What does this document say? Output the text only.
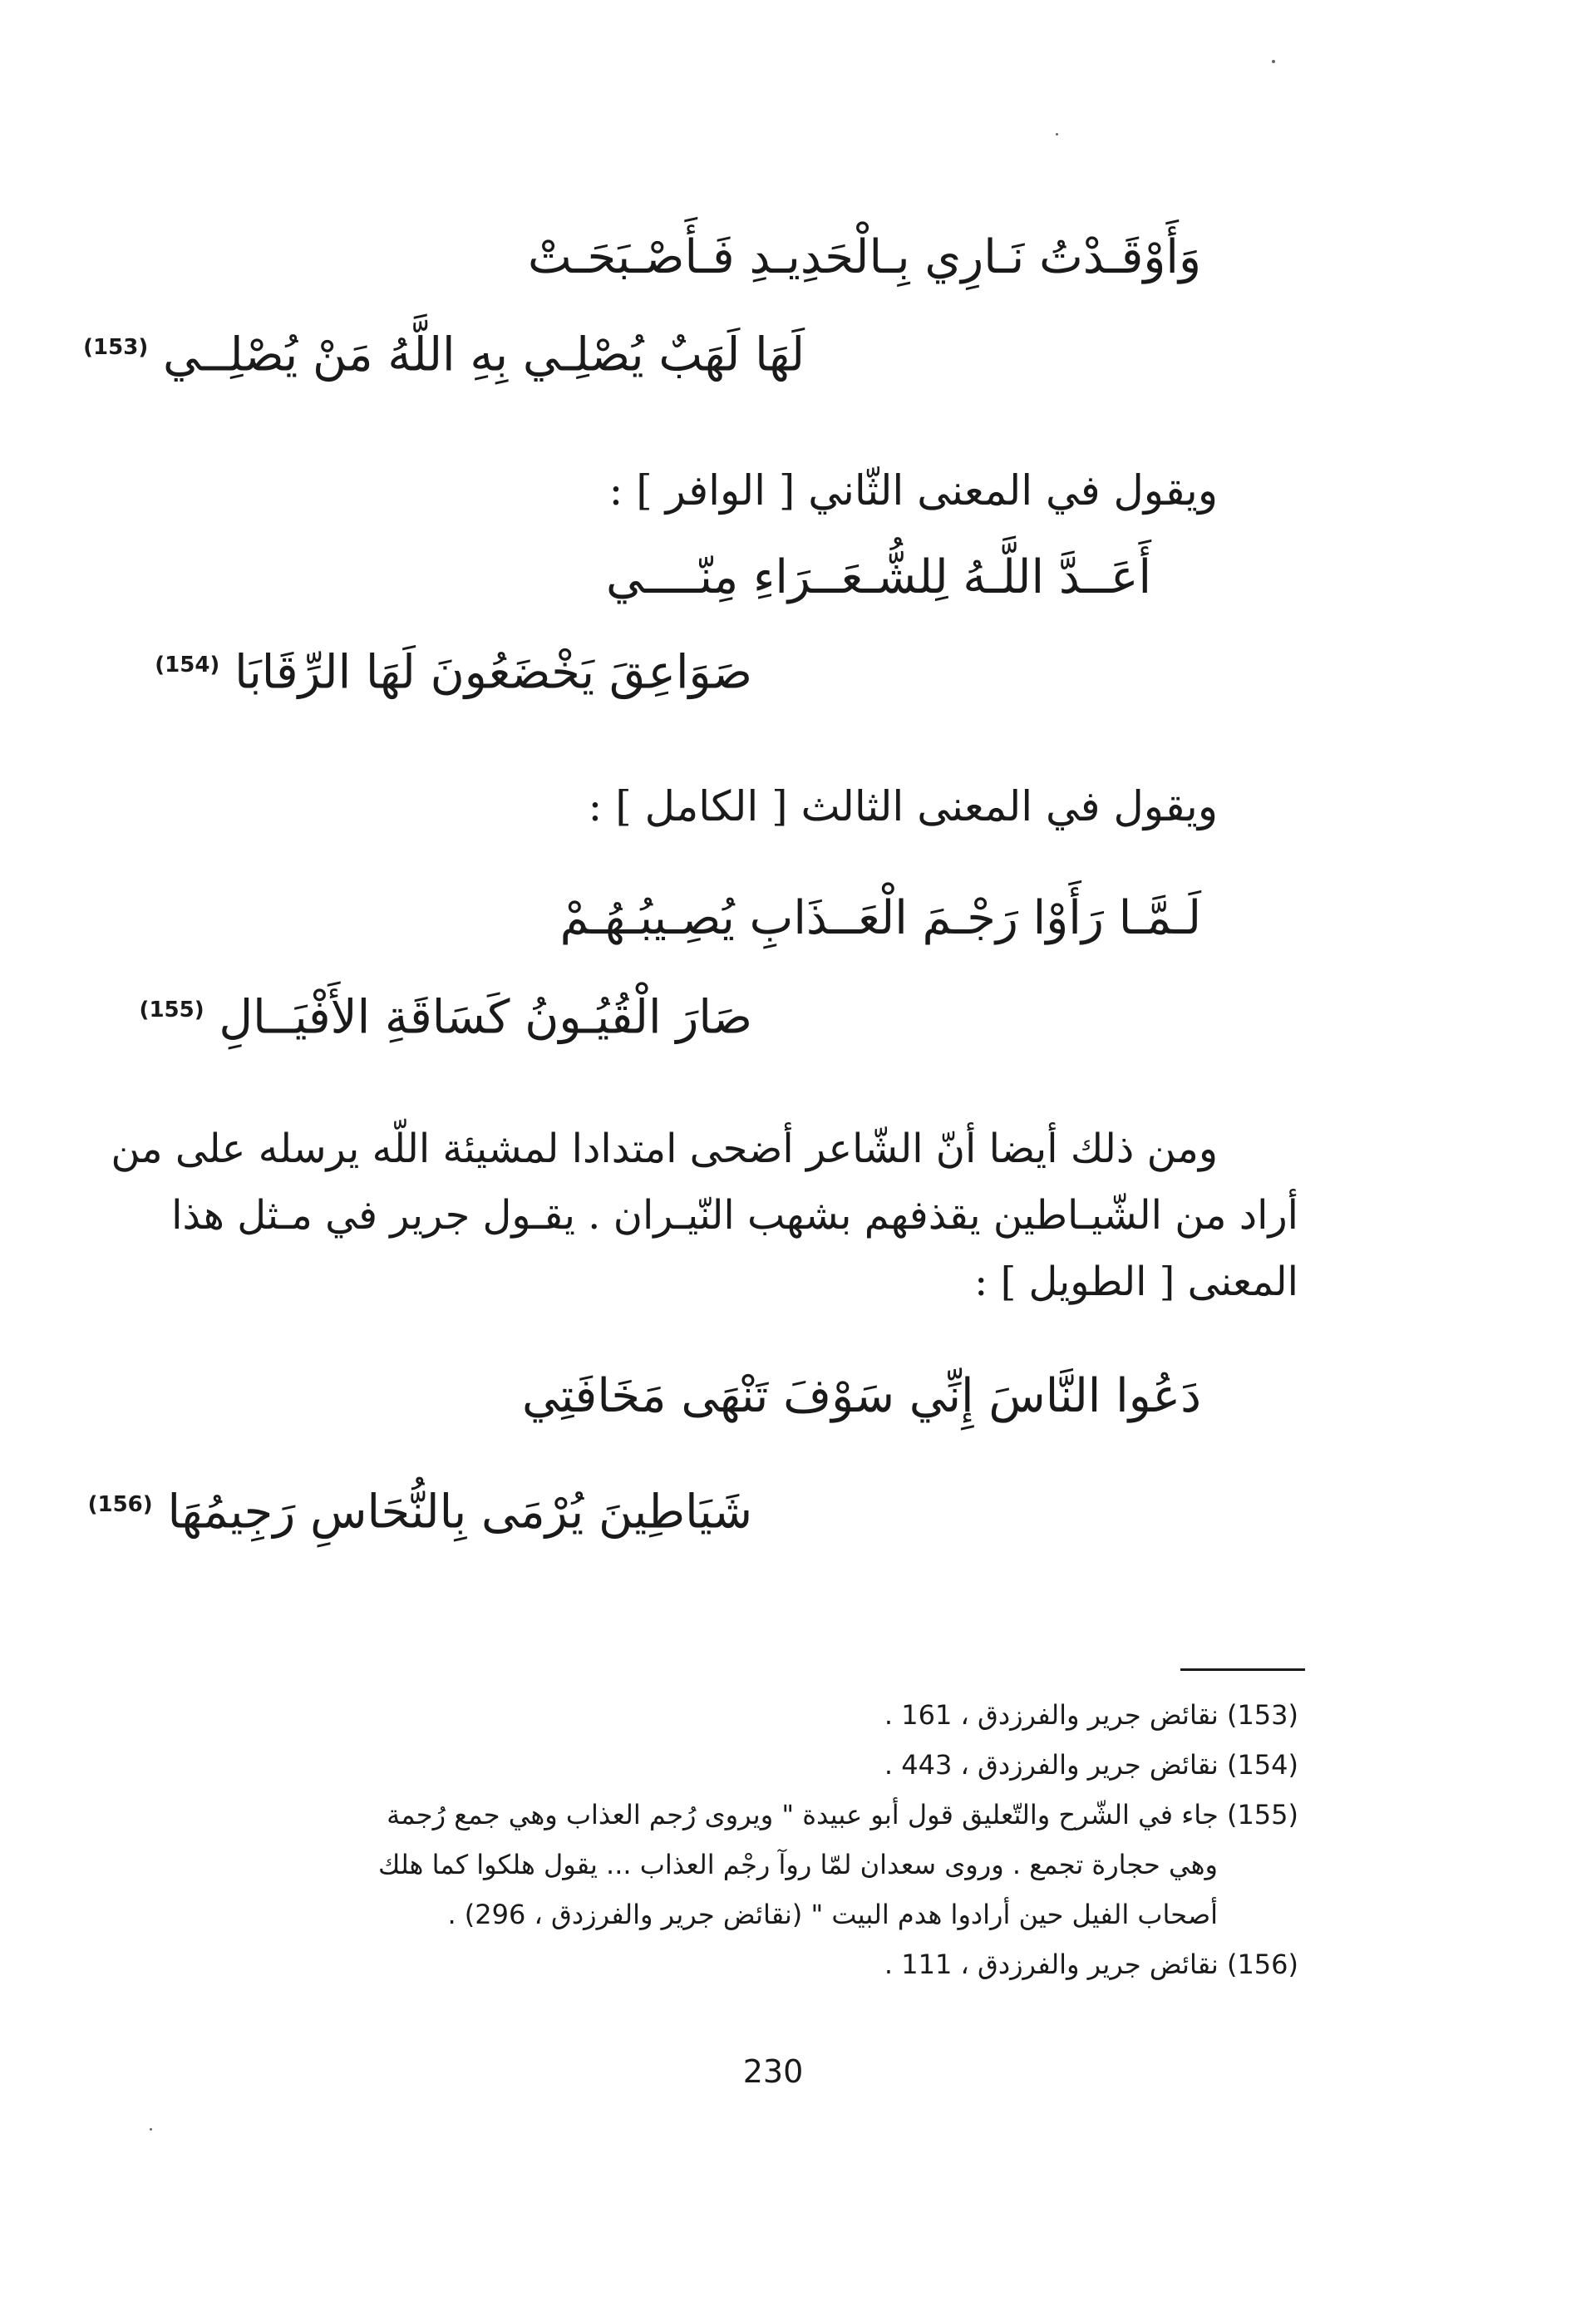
وَأَوْقَـدْتُ نَـارِي بِـالْحَدِيـدِ فَـأَصْـبَحَـتْ
لَهَا لَهَبٌ يُصْلِـي بِهِ اللَّهُ مَنْ يُصْلِــي $^{(153)}$
ويقول في المعنى الثّاني [ الوافر ] :
أَعَــدَّ اللَّـهُ لِلشُّـعَــرَاءِ مِنّــــي
صَوَاعِقَ يَخْضَعُونَ لَهَا الرِّقَابَا $^{(154)}$
ويقول في المعنى الثالث [ الكامل ] :
لَـمَّـا رَأَوْا رَجْـمَ الْعَــذَابِ يُصِـيبُـهُـمْ
صَارَ الْقُيُـونُ كَسَاقَةِ الأَفْيَــالِ $^{(155)}$
ومن ذلك أيضا أنّ الشّاعر أضحى امتدادا لمشيئة اللّه يرسله على من
أراد من الشّيـاطين يقذفهم بشهب النّيـران . يقـول جرير في مـثل هذا
المعنى [ الطويل ] :
دَعُوا النَّاسَ إِنِّي سَوْفَ تَنْهَى مَخَافَتِي
شَيَاطِينَ يُرْمَى بِالنُّحَاسِ رَجِيمُهَا $^{(156)}$
(153) نقائض جرير والفرزدق ، 161 .
(154) نقائض جرير والفرزدق ، 443 .
(155) جاء في الشّرح والتّعليق قول أبو عبيدة " ويروى رُجم العذاب وهي جمع رُجمة
وهي حجارة تجمع . وروى سعدان لمّا روآ رجْم العذاب ... يقول هلكوا كما هلك
أصحاب الفيل حين أرادوا هدم البيت " (نقائض جرير والفرزدق ، 296) .
(156) نقائض جرير والفرزدق ، 111 .
230
